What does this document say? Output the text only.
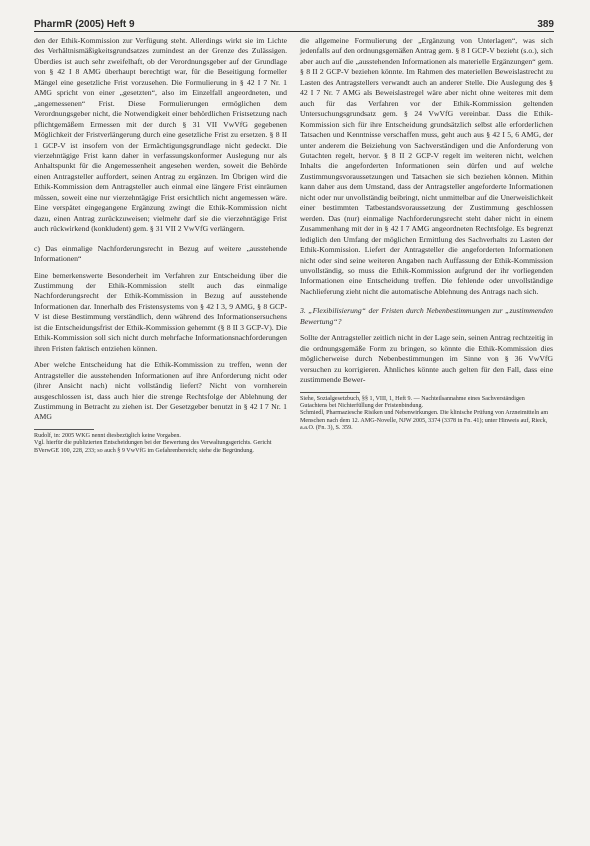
PharmR (2005) Heft 9	389

den der Ethik-Kommission zur Verfügung steht. Allerdings wirkt sie im Lichte des Verhältnismäßigkeitsgrundsatzes zumindest an der Grenze des Zulässigen. Überdies ist auch sehr zweifelhaft, ob der Verordnungsgeber auf der Grundlage von § 42 I 8 AMG überhaupt berechtigt war, für die Beseitigung formeller Mängel eine gesetzliche Frist vorzusehen. Die Formulierung in § 42 I 7 Nr. 1 AMG spricht von einer „gesetzten“, also im Einzelfall angeordneten, und „angemessenen“ Frist. Diese Formulierungen ermöglichen dem Verordnungsgeber nicht, die Notwendigkeit einer behördlichen Fristsetzung nach pflichtgemäßem Ermessen mit der durch § 31 VII VwVfG gegebenen Möglichkeit der Fristverlängerung durch eine gesetzliche Frist zu ersetzen. § 8 II 1 GCP-V ist insofern von der Ermächtigungsgrundlage nicht gedeckt. Die vierzehntägige Frist kann daher in verfassungskonformer Auslegung nur als Anhaltspunkt für die Angemessenheit angesehen werden, soweit die Behörde einen Antragsteller auffordert, seinen Antrag zu ergänzen. Im Übrigen wird die Ethik-Kommission dem Antragsteller auch einmal eine längere Frist einräumen müssen, soweit eine nur vierzehntägige Frist ersichtlich nicht angemessen wäre. Eine verspätet eingegangene Ergänzung zwingt die Ethik-Kommission nicht dazu, einen Antrag zurückzuweisen; vielmehr darf sie die vierzehntägige Frist auch rückwirkend (konkludent) gem. § 31 VII 2 VwVfG verlängern.

c) Das einmalige Nachforderungsrecht in Bezug auf weitere „ausstehende Informationen“

Eine bemerkenswerte Besonderheit im Verfahren zur Entscheidung über die Zustimmung der Ethik-Kommission stellt auch das einmalige Nachforderungsrecht der Ethik-Kommission in Bezug auf ausstehende Informationen dar. Innerhalb des Fristensystems von § 42 I 3, 9 AMG, § 8 GCP-V ist diese Bestimmung verständlich, denn während des Informationsersuchens ist die Entscheidungsfrist der Ethik-Kommission gehemmt (§ 8 II 3 GCP-V). Die Ethik-Kommission soll sich nicht durch mehrfache Informationsnachforderungen ihren Fristen faktisch entziehen können.

Aber welche Entscheidung hat die Ethik-Kommission zu treffen, wenn der Antragsteller die ausstehenden Informationen auf ihre Anforderung nicht oder (ihrer Ansicht nach) nicht vollständig liefert? Nicht von vornherein ausgeschlossen ist, dass auch hier die strenge Rechtsfolge der Ablehnung der Zustimmung in Betracht zu ziehen ist. Der Gesetzgeber benutzt in § 42 I 7 Nr. 1 AMG

Rudolf, in: 2005 WKG nennt diesbezüglich keine Vorgaben.

Vgl. hierfür die publizierten Entscheidungen bei der Bewertung des Verwaltungsgerichts. Gericht BVerwGE 100, 228, 233; so auch § 9 VwVfG im Gefahrenbereich; siehe die Begründung.

die allgemeine Formulierung der „Ergänzung von Unterlagen“, was sich jedenfalls auf den ordnungsgemäßen Antrag gem. § 8 I GCP-V bezieht (s.o.), sich aber auch auf die „ausstehenden Informationen als materielle Ergänzungen“ gem. § 8 II 2 GCP-V beziehen könnte. Im Rahmen des materiellen Beweislastrecht zu Lasten des Antragstellers verwandt auch an anderer Stelle. Die Auslegung des § 42 I 7 Nr. 7 AMG als Beweislastregel wäre aber nicht ohne weiteres mit dem auch für das Verfahren vor der Ethik-Kommission geltenden Untersuchungsgrundsatz gem. § 24 VwVfG vereinbar. Dass die Ethik-Kommission sich für ihre Entscheidung grundsätzlich selbst alle erforderlichen Tatsachen und Kenntnisse verschaffen muss, geht auch aus § 42 I 5, 6 AMG, der unter anderem die Beiziehung von Sachverständigen und die Anforderung von Gutachten regelt, hervor. § 8 II 2 GCP-V regelt im weiteren nicht, welchen Inhalts die angeforderten Informationen sein dürfen und auf welche Zustimmungsvoraussetzungen und Tatsachen sie sich beziehen können. Mithin kann daher aus dem Umstand, dass der Antragsteller angeforderte Informationen nicht oder nur unvollständig beibringt, nicht unmittelbar auf die Unerweislichkeit einer bestimmten Tatbestandsvoraussetzung der Zustimmung geschlossen werden. Das (nur) einmalige Nachforderungsrecht steht daher nicht in einem Zusammenhang mit der in § 42 I 7 AMG angeordneten Rechtsfolge. Es begrenzt lediglich den Umfang der möglichen Ermittlung des Sachverhalts zu Lasten der Ethik-Kommission. Liefert der Antragsteller die angeforderten Informationen nicht oder sind seine weiteren Angaben nach Auffassung der Ethik-Kommission unvollständig, so muss die Ethik-Kommission aufgrund der ihr vorliegenden Informationen eine Entscheidung treffen. Die fehlende oder unvollständige Nachlieferung zieht nicht die automatische Ablehnung des Antrags nach sich.

3. „Flexibilisierung“ der Fristen durch Nebenbestimmungen zur „zustimmenden Bewertung“?

Sollte der Antragsteller zeitlich nicht in der Lage sein, seinen Antrag rechtzeitig in die ordnungsgemäße Form zu bringen, so könnte die Ethik-Kommission dies möglicherweise durch Nebenbestimmungen im Sinne von § 36 VwVfG versuchen zu korrigieren. Ähnliches könnte auch gelten für den Fall, dass eine zustimmende Bewer-

Siehe, Sozialgesetzbuch, §§ 1, VIII, 1, Heft 9. — Nachteilsannahme eines Sachverständigen Gutachtens bei Nichterfüllung der Fristenbindung.

Schmiedl, Pharmaziesche Risiken und Nebenwirkungen. Die klinische Prüfung von Arzneimitteln am Menschen nach dem 12. AMG-Novelle, NJW 2005, 3374 (3378 in Fn. 41); unter Hinweis auf, Rieck, a.a.O. (Fn. 3), S. 359.
